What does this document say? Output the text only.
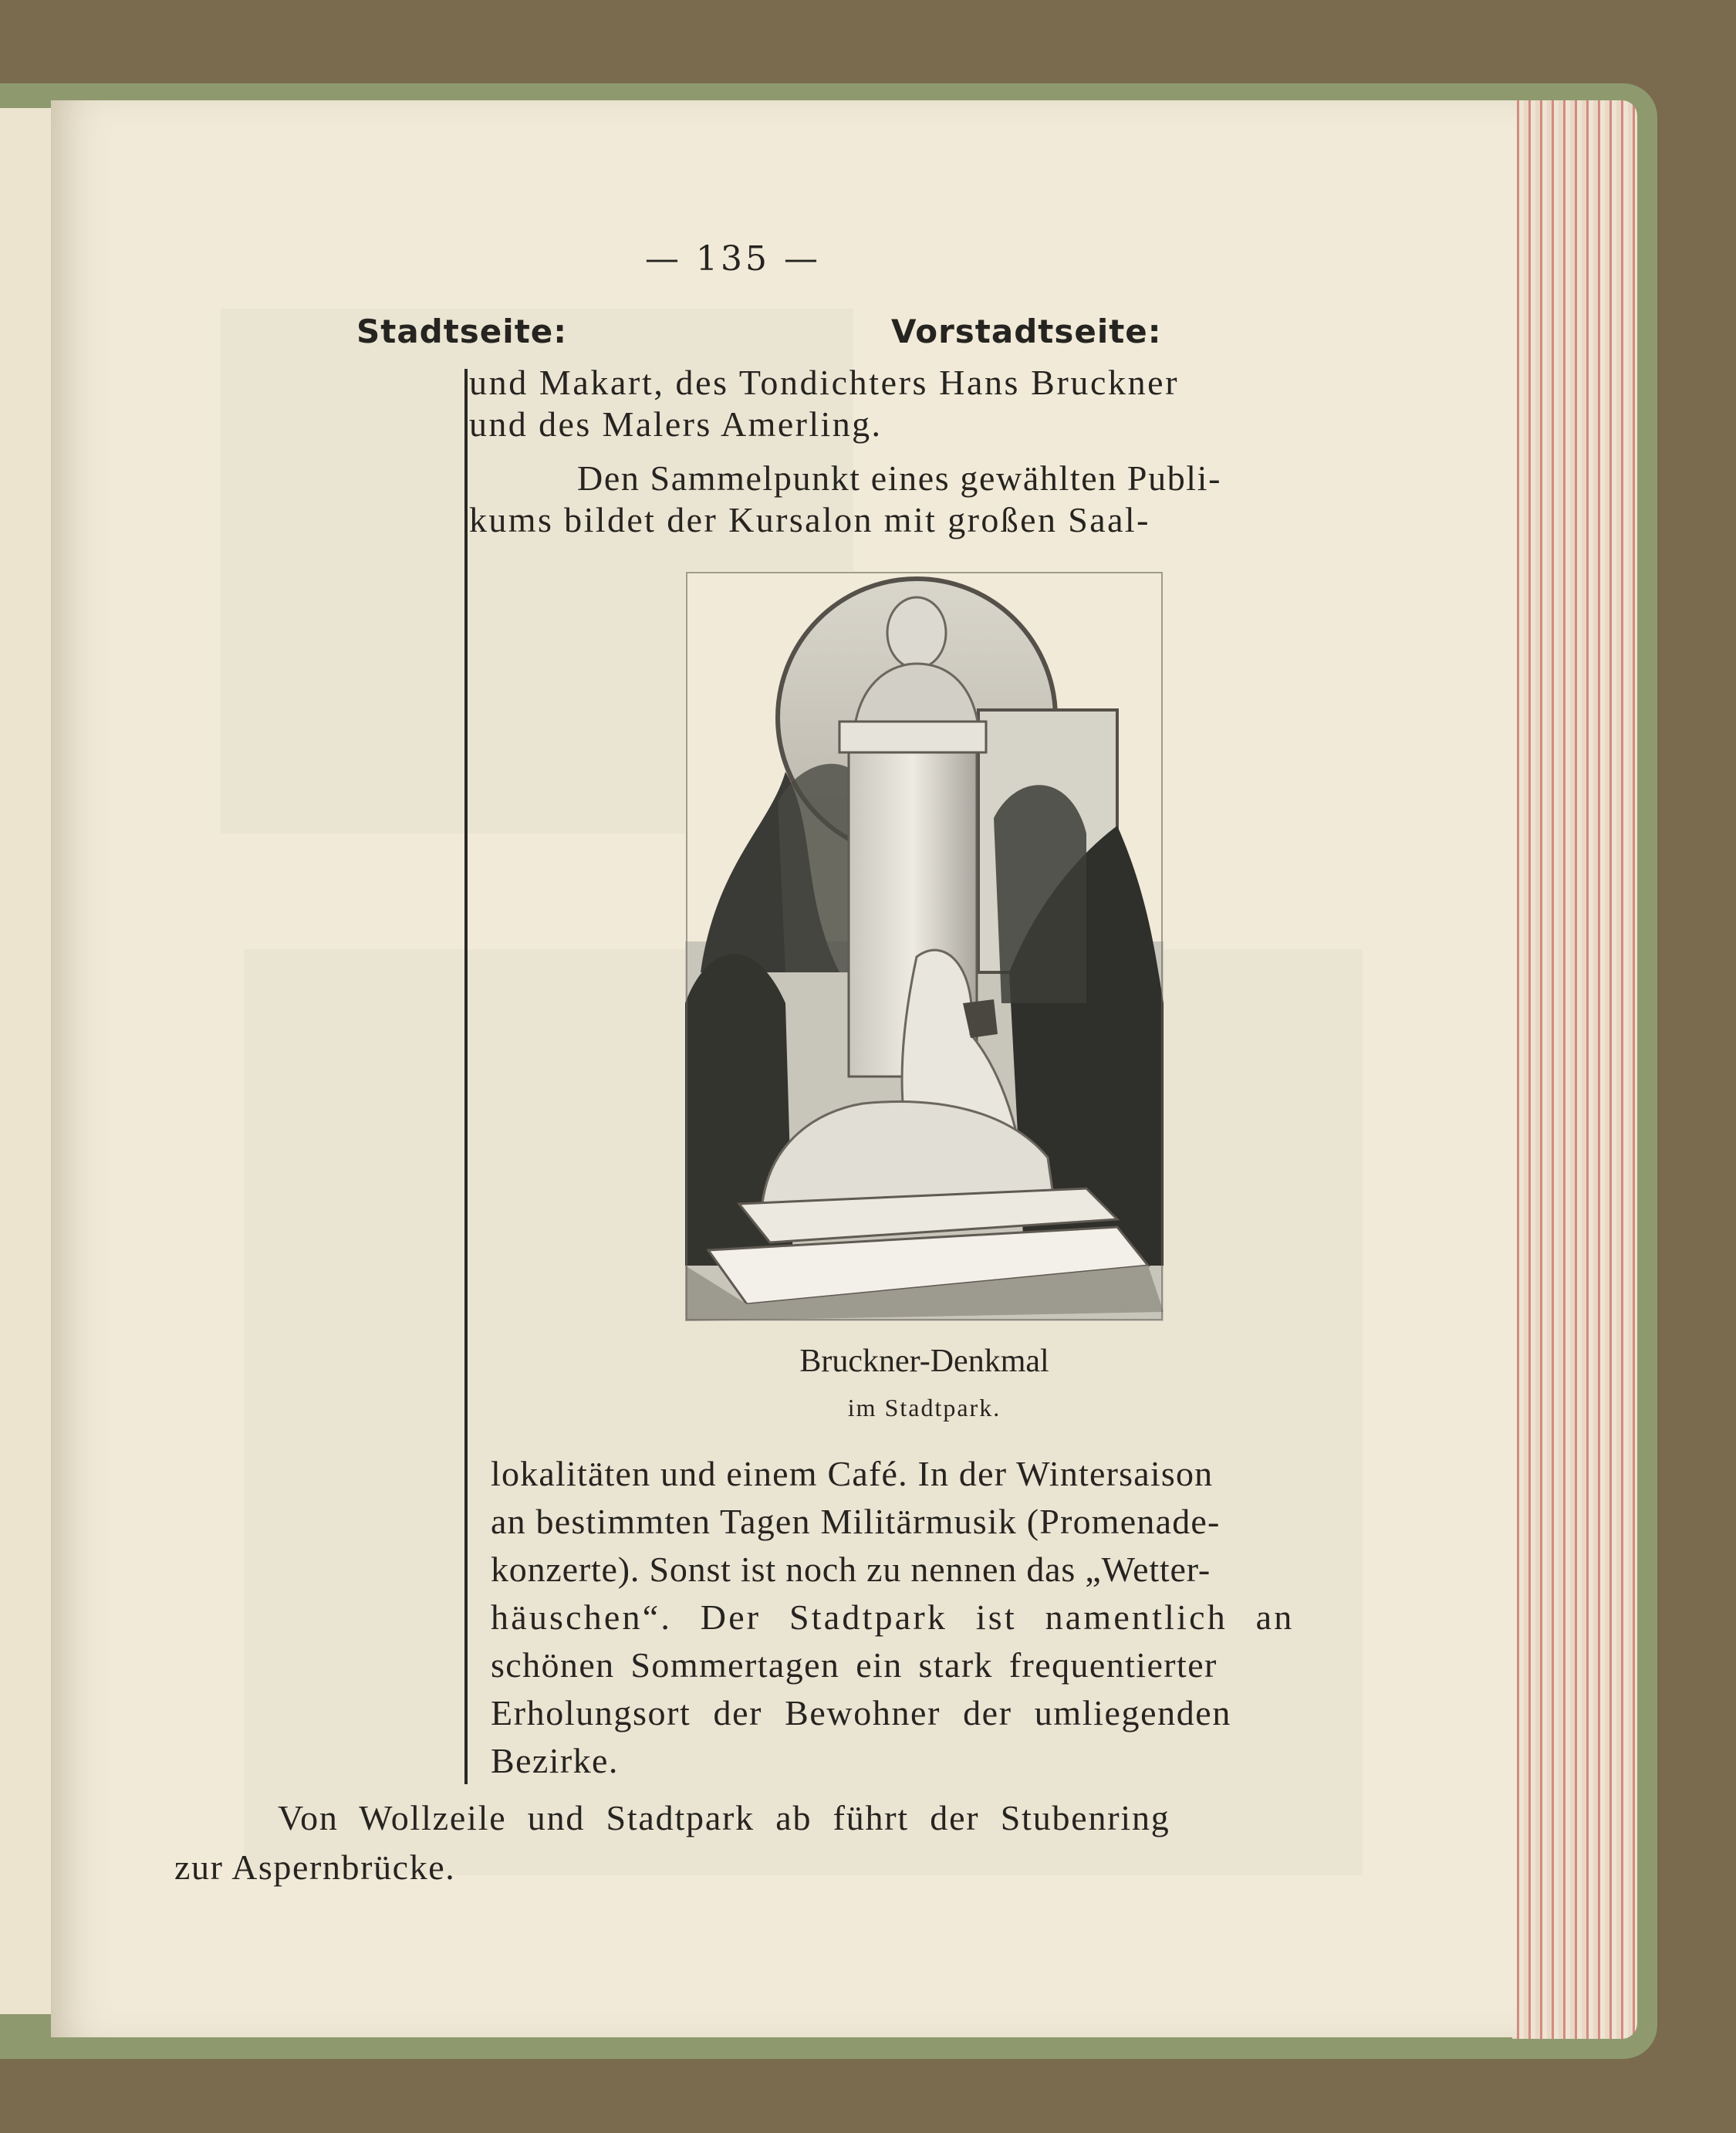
— 135 —
Stadtseite:	Vorstadtseite:
und Makart, des Tondichters Hans Bruckner
und des Malers Amerling.
Den Sammelpunkt eines gewählten Publi-
kums bildet der Kursalon mit großen Saal-
Bruckner-Denkmal
im Stadtpark.
lokalitäten und einem Café. In der Wintersaison
an bestimmten Tagen Militärmusik (Promenade-
konzerte). Sonst ist noch zu nennen das „Wetter-
häuschen“. Der Stadtpark ist namentlich an
schönen Sommertagen ein stark frequentierter
Erholungsort der Bewohner der umliegenden
Bezirke.
Von Wollzeile und Stadtpark ab führt der Stubenring
zur Aspernbrücke.
